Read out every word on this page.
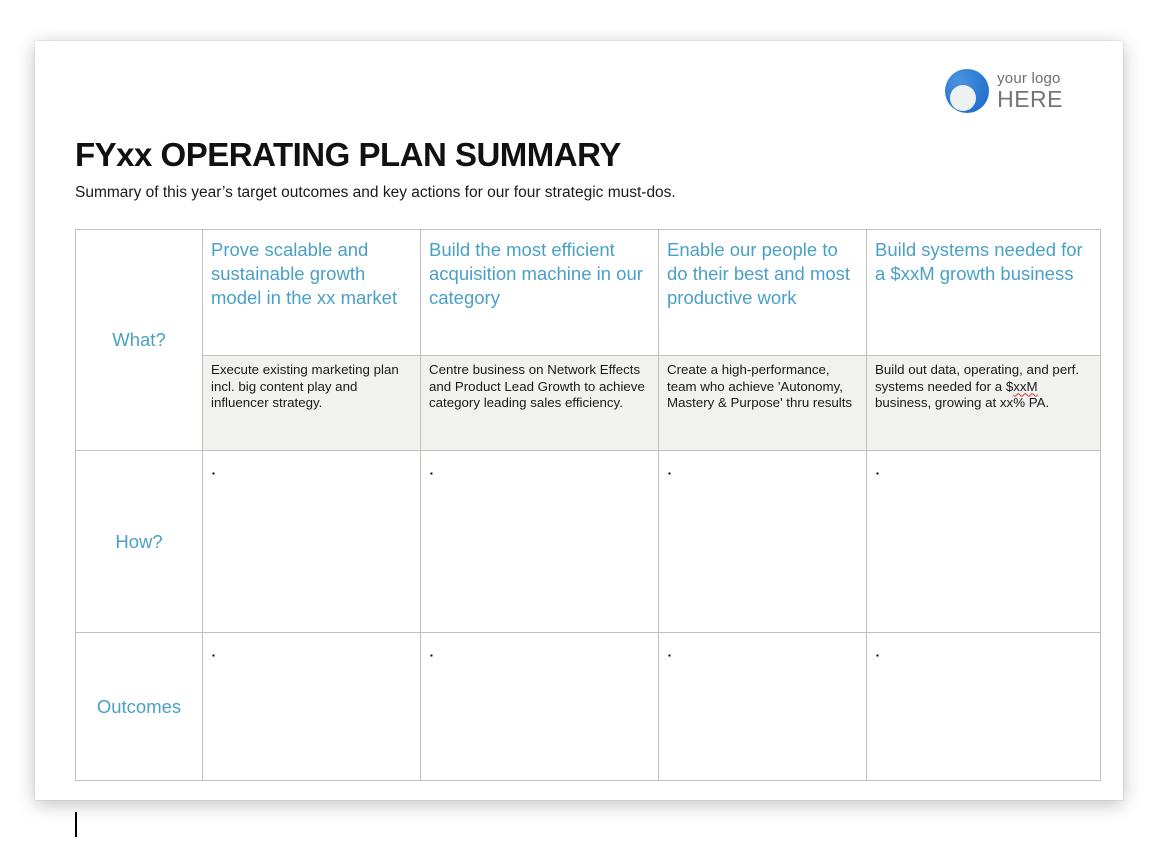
your logo
HERE
FYxx OPERATING PLAN SUMMARY
Summary of this year’s target outcomes and key actions for our four strategic must-dos.
What?	Prove scalable and sustainable growth model in the xx market	Build the most efficient acquisition machine in our category	Enable our people to do their best and most productive work	Build systems needed for a $xxM growth business
	Execute existing marketing plan incl. big content play and influencer strategy.	Centre business on Network Effects and Product Lead Growth to achieve category leading sales efficiency.	Create a high-performance, team who achieve 'Autonomy, Mastery & Purpose' thru results	Build out data, operating, and perf. systems needed for a $xxM business, growing at xx% PA.
How?	▪	▪	▪	▪
Outcomes	▪	▪	▪	▪
